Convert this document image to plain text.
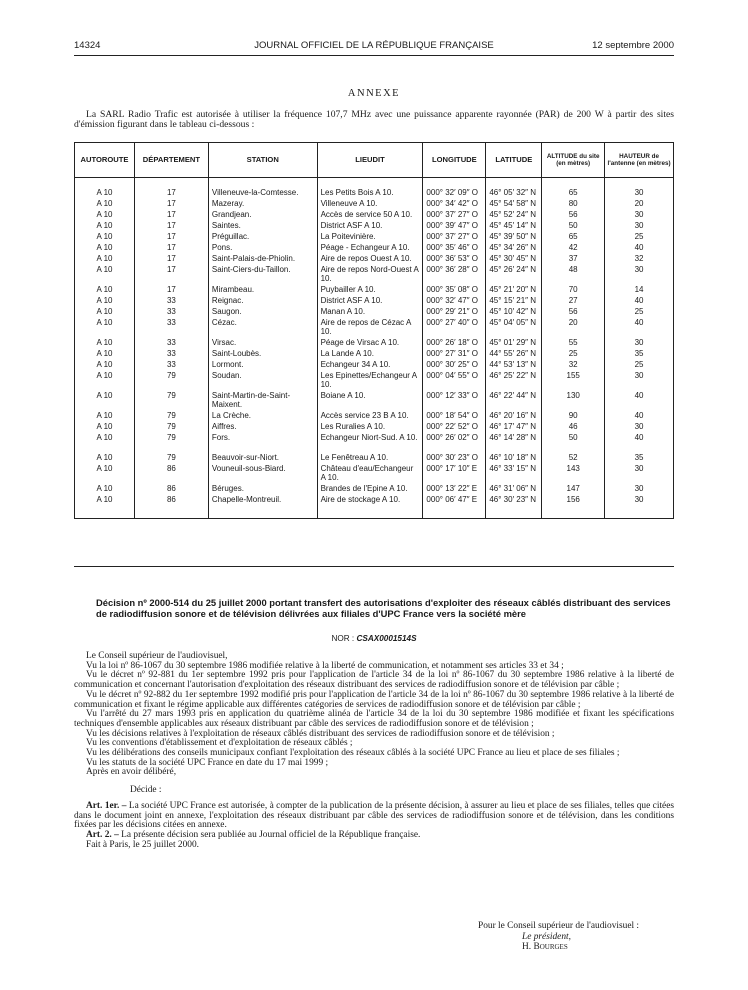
14324	JOURNAL OFFICIEL DE LA RÉPUBLIQUE FRANÇAISE	12 septembre 2000
ANNEXE
La SARL Radio Trafic est autorisée à utiliser la fréquence 107,7 MHz avec une puissance apparente rayonnée (PAR) de 200 W à partir des sites d'émission figurant dans le tableau ci-dessous :
AUTOROUTE	DÉPARTEMENT	STATION	LIEUDIT	LONGITUDE	LATITUDE	ALTITUDE du site (en mètres)	HAUTEUR de l'antenne (en mètres)

A 10	17	Villeneuve-la-Comtesse.	Les Petits Bois A 10.	000° 32′ 09″ O	46° 05′ 32″ N	65	30
A 10	17	Mazeray.	Villeneuve A 10.	000° 34′ 42″ O	45° 54′ 58″ N	80	20
A 10	17	Grandjean.	Accès de service 50 A 10.	000° 37′ 27″ O	45° 52′ 24″ N	56	30
A 10	17	Saintes.	District ASF A 10.	000° 39′ 47″ O	45° 45′ 14″ N	50	30
A 10	17	Préguillac.	La Poitevinière.	000° 37′ 27″ O	45° 39′ 50″ N	65	25
A 10	17	Pons.	Péage - Echangeur A 10.	000° 35′ 46″ O	45° 34′ 26″ N	42	40
A 10	17	Saint-Palais-de-Phiolin.	Aire de repos Ouest A 10.	000° 36′ 53″ O	45° 30′ 45″ N	37	32
A 10	17	Saint-Ciers-du-Taillon.	Aire de repos Nord-Ouest A 10.	000° 36′ 28″ O	45° 26′ 24″ N	48	30
A 10	17	Mirambeau.	Puybailler A 10.	000° 35′ 08″ O	45° 21′ 20″ N	70	14
A 10	33	Reignac.	District ASF A 10.	000° 32′ 47″ O	45° 15′ 21″ N	27	40
A 10	33	Saugon.	Manan A 10.	000° 29′ 21″ O	45° 10′ 42″ N	56	25
A 10	33	Cézac.	Aire de repos de Cézac A 10.	000° 27′ 40″ O	45° 04′ 05″ N	20	40
A 10	33	Virsac.	Péage de Virsac A 10.	000° 26′ 18″ O	45° 01′ 29″ N	55	30
A 10	33	Saint-Loubès.	La Lande A 10.	000° 27′ 31″ O	44° 55′ 26″ N	25	35
A 10	33	Lormont.	Echangeur 34 A 10.	000° 30′ 25″ O	44° 53′ 13″ N	32	25
A 10	79	Soudan.	Les Epinettes/Echangeur A 10.	000° 04′ 55″ O	46° 25′ 22″ N	155	30
A 10	79	Saint-Martin-de-Saint-Maixent.	Boiane A 10.	000° 12′ 33″ O	46° 22′ 44″ N	130	40
A 10	79	La Crèche.	Accès service 23 B A 10.	000° 18′ 54″ O	46° 20′ 16″ N	90	40
A 10	79	Aiffres.	Les Ruralies A 10.	000° 22′ 52″ O	46° 17′ 47″ N	46	30
A 10	79	Fors.	Echangeur Niort-Sud. A 10.	000° 26′ 02″ O	46° 14′ 28″ N	50	40
A 10	79	Beauvoir-sur-Niort.	Le Fenêtreau A 10.	000° 30′ 23″ O	46° 10′ 18″ N	52	35
A 10	86	Vouneuil-sous-Biard.	Château d'eau/Echangeur A 10.	000° 17′ 10″ E	46° 33′ 15″ N	143	30
A 10	86	Béruges.	Brandes de l'Epine A 10.	000° 13′ 22″ E	46° 31′ 06″ N	147	30
A 10	86	Chapelle-Montreuil.	Aire de stockage A 10.	000° 06′ 47″ E	46° 30′ 23″ N	156	30

Décision nº 2000-514 du 25 juillet 2000 portant transfert des autorisations d'exploiter des réseaux câblés distribuant des services de radiodiffusion sonore et de télévision délivrées aux filiales d'UPC France vers la société mère
NOR : CSAX0001514S

Le Conseil supérieur de l'audiovisuel,

Vu la loi nº 86-1067 du 30 septembre 1986 modifiée relative à la liberté de communication, et notamment ses articles 33 et 34 ;

Vu le décret nº 92-881 du 1er septembre 1992 pris pour l'application de l'article 34 de la loi nº 86-1067 du 30 septembre 1986 relative à la liberté de communication et concernant l'autorisation d'exploitation des réseaux distribuant des services de radiodiffusion sonore et de télévision par câble ;

Vu le décret nº 92-882 du 1er septembre 1992 modifié pris pour l'application de l'article 34 de la loi nº 86-1067 du 30 septembre 1986 relative à la liberté de communication et fixant le régime applicable aux différentes catégories de services de radiodiffusion sonore et de télévision par câble ;

Vu l'arrêté du 27 mars 1993 pris en application du quatrième alinéa de l'article 34 de la loi du 30 septembre 1986 modifiée et fixant les spécifications techniques d'ensemble applicables aux réseaux distribuant par câble des services de radiodiffusion sonore et de télévision ;

Vu les décisions relatives à l'exploitation de réseaux câblés distribuant des services de radiodiffusion sonore et de télévision ;

Vu les conventions d'établissement et d'exploitation de réseaux câblés ;

Vu les délibérations des conseils municipaux confiant l'exploitation des réseaux câblés à la société UPC France au lieu et place de ses filiales ;

Vu les statuts de la société UPC France en date du 17 mai 1999 ;

Après en avoir délibéré,

Décide :

Art. 1er. – La société UPC France est autorisée, à compter de la publication de la présente décision, à assurer au lieu et place de ses filiales, telles que citées dans le document joint en annexe, l'exploitation des réseaux distribuant par câble des services de radiodiffusion sonore et de télévision, dans les conditions fixées par les décisions citées en annexe.

Art. 2. – La présente décision sera publiée au Journal officiel de la République française.

Fait à Paris, le 25 juillet 2000.

Pour le Conseil supérieur de l'audiovisuel :
Le président,
H. Bourges
